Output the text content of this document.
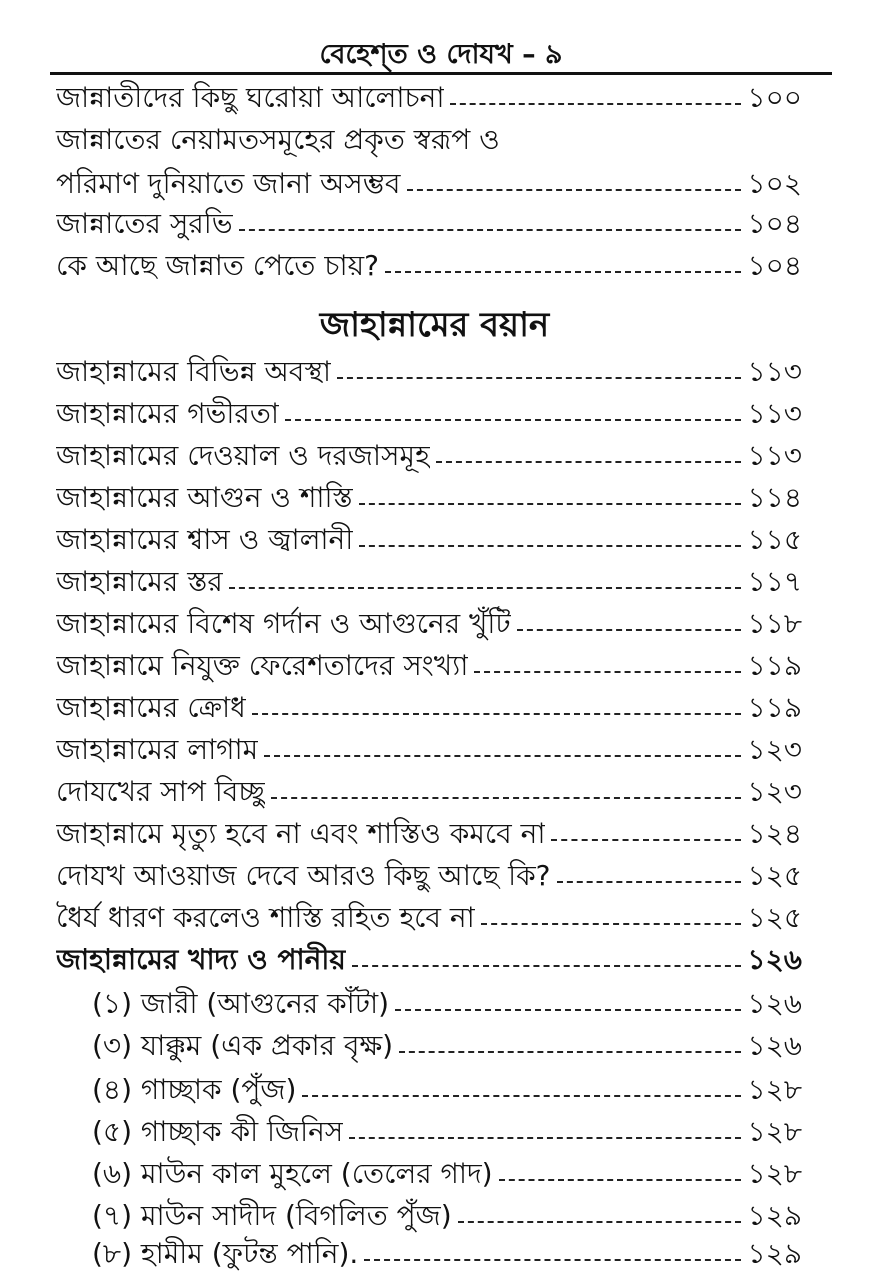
বেহেশ্‌ত ও দোযখ – ৯
জান্নাতীদের কিছু ঘরোয়া আলোচনা	১০০
জান্নাতের নেয়ামতসমূহের প্রকৃত স্বরূপ ও
পরিমাণ দুনিয়াতে জানা অসম্ভব	১০২
জান্নাতের সুরভি	১০৪
কে আছে জান্নাত পেতে চায়?	১০৪
জাহান্নামের বয়ান
জাহান্নামের বিভিন্ন অবস্থা	১১৩
জাহান্নামের গভীরতা	১১৩
জাহান্নামের দেওয়াল ও দরজাসমূহ	১১৩
জাহান্নামের আগুন ও শাস্তি	১১৪
জাহান্নামের শ্বাস ও জ্বালানী	১১৫
জাহান্নামের স্তর	১১৭
জাহান্নামের বিশেষ গর্দান ও আগুনের খুঁটি	১১৮
জাহান্নামে নিযুক্ত ফেরেশতাদের সংখ্যা	১১৯
জাহান্নামের ক্রোধ	১১৯
জাহান্নামের লাগাম	১২৩
দোযখের সাপ বিচ্ছু	১২৩
জাহান্নামে মৃত্যু হবে না এবং শাস্তিও কমবে না	১২৪
দোযখ আওয়াজ দেবে আরও কিছু আছে কি?	১২৫
ধৈর্য ধারণ করলেও শাস্তি রহিত হবে না	১২৫
জাহান্নামের খাদ্য ও পানীয়	১২৬
(১) জারী (আগুনের কাঁটা)	১২৬
(৩) যাক্কুম (এক প্রকার বৃক্ষ)	১২৬
(৪) গাচ্ছাক (পুঁজ)	১২৮
(৫) গাচ্ছাক কী জিনিস	১২৮
(৬) মাউন কাল মুহলে (তেলের গাদ)	১২৮
(৭) মাউন সাদীদ (বিগলিত পুঁজ)	১২৯
(৮) হামীম (ফুটন্ত পানি).	১২৯
